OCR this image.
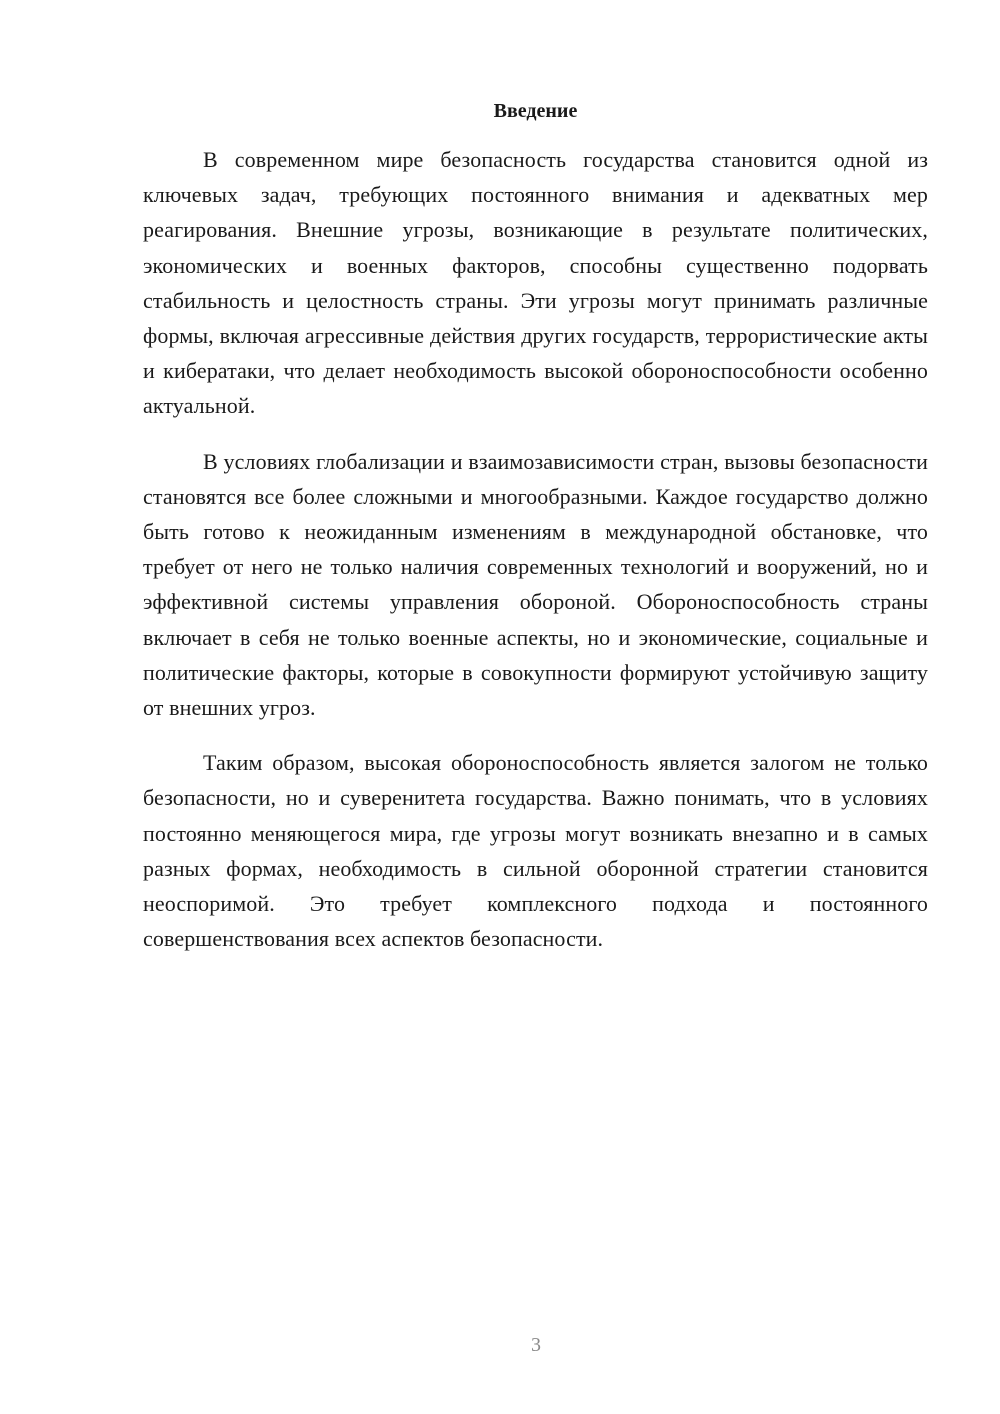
Введение

В современном мире безопасность государства становится одной из ключевых задач, требующих постоянного внимания и адекватных мер реагирования. Внешние угрозы, возникающие в результате политических, экономических и военных факторов, способны существенно подорвать стабильность и целостность страны. Эти угрозы могут принимать различные формы, включая агрессивные действия других государств, террористические акты и кибератаки, что делает необходимость высокой обороноспособности особенно актуальной.

В условиях глобализации и взаимозависимости стран, вызовы безопасности становятся все более сложными и многообразными. Каждое государство должно быть готово к неожиданным изменениям в международной обстановке, что требует от него не только наличия современных технологий и вооружений, но и эффективной системы управления обороной. Обороноспособность страны включает в себя не только военные аспекты, но и экономические, социальные и политические факторы, которые в совокупности формируют устойчивую защиту от внешних угроз.

Таким образом, высокая обороноспособность является залогом не только безопасности, но и суверенитета государства. Важно понимать, что в условиях постоянно меняющегося мира, где угрозы могут возникать внезапно и в самых разных формах, необходимость в сильной оборонной стратегии становится неоспоримой. Это требует комплексного подхода и постоянного совершенствования всех аспектов безопасности.

3
